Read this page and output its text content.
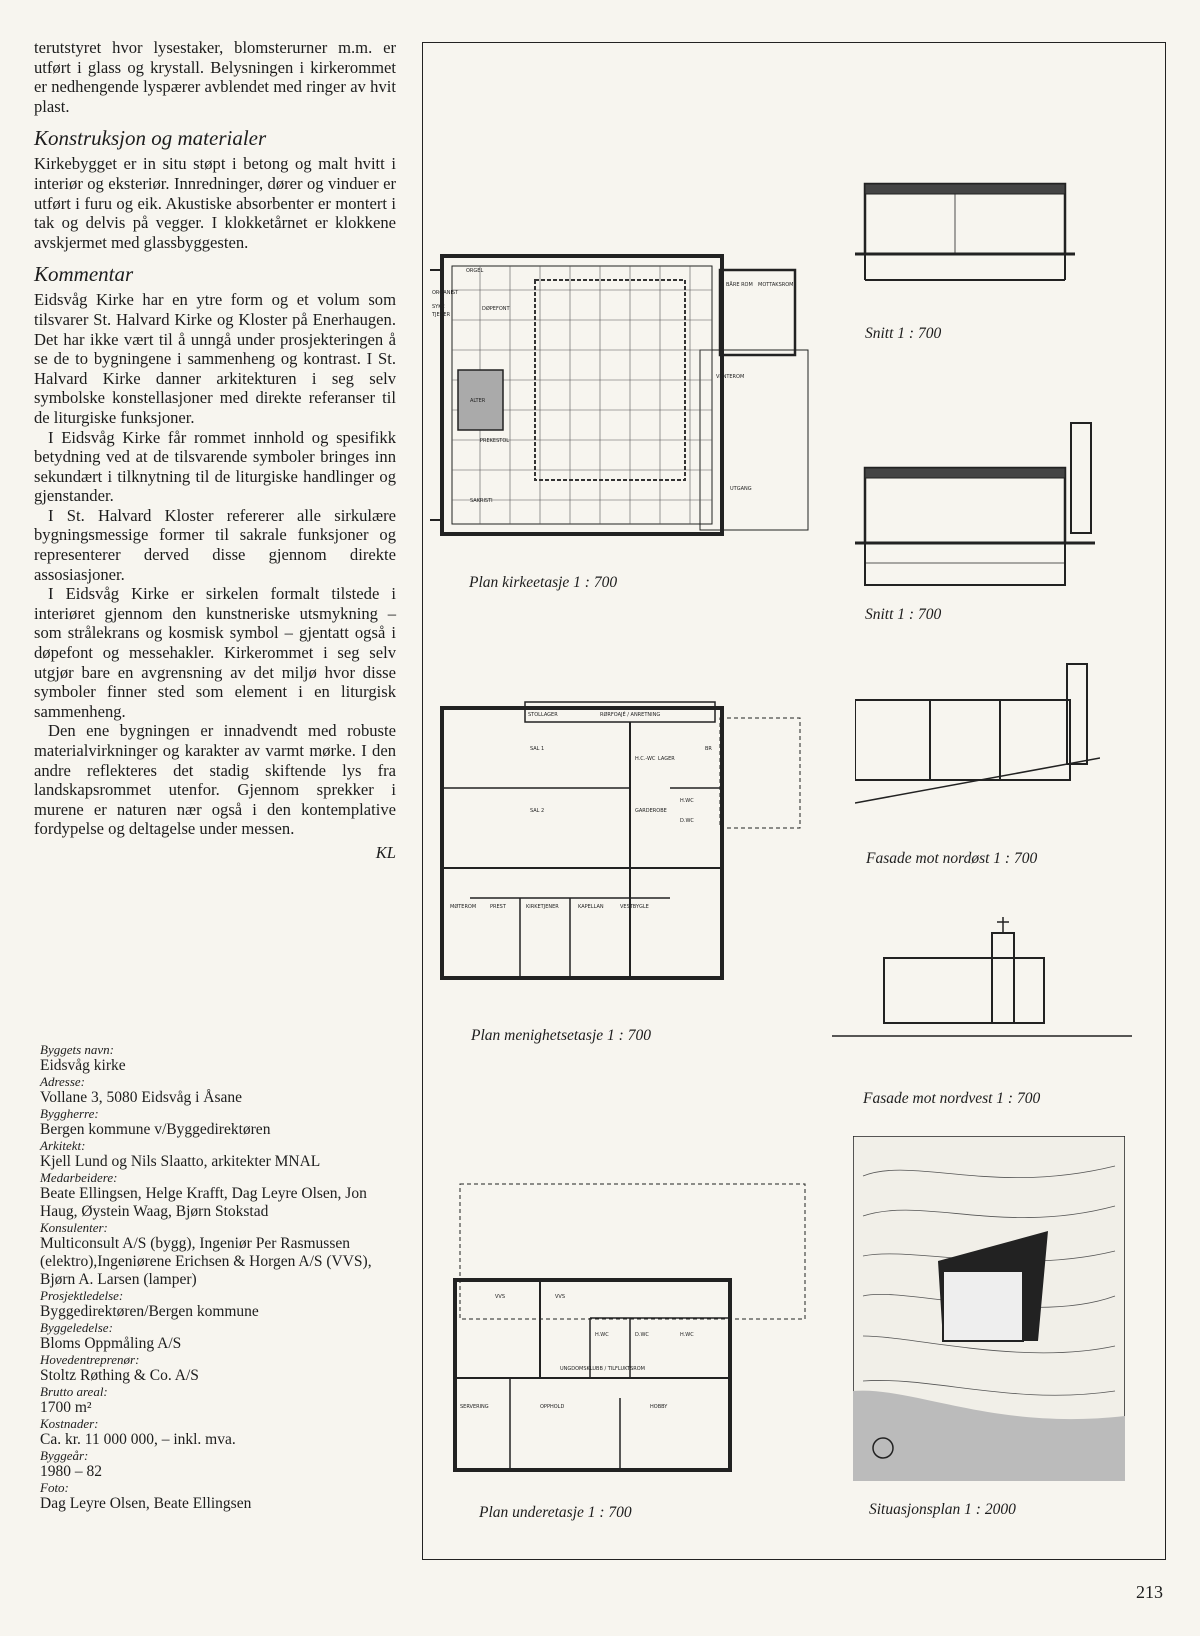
terutstyret hvor lysestaker, blomsterurner m.m. er utført i glass og krystall. Belysningen i kirkerommet er nedhengende lyspærer avblendet med ringer av hvit plast.

Konstruksjon og materialer

Kirkebygget er in situ støpt i betong og malt hvitt i interiør og eksteriør. Innredninger, dører og vinduer er utført i furu og eik. Akustiske absorbenter er montert i tak og delvis på vegger. I klokketårnet er klokkene avskjermet med glassbyggesten.

Kommentar

Eidsvåg Kirke har en ytre form og et volum som tilsvarer St. Halvard Kirke og Kloster på Enerhaugen. Det har ikke vært til å unngå under prosjekteringen å se de to bygningene i sammenheng og kontrast. I St. Halvard Kirke danner arkitekturen i seg selv symbolske konstellasjoner med direkte referanser til de liturgiske funksjoner.

I Eidsvåg Kirke får rommet innhold og spesifikk betydning ved at de tilsvarende symboler bringes inn sekundært i tilknytning til de liturgiske handlinger og gjenstander.

I St. Halvard Kloster refererer alle sirkulære bygningsmessige former til sakrale funksjoner og representerer derved disse gjennom direkte assosiasjoner.

I Eidsvåg Kirke er sirkelen formalt tilstede i interiøret gjennom den kunstneriske utsmykning – som strålekrans og kosmisk symbol – gjentatt også i døpefont og messehakler. Kirkerommet i seg selv utgjør bare en avgrensning av det miljø hvor disse symboler finner sted som element i en liturgisk sammenheng.

Den ene bygningen er innadvendt med robuste materialvirkninger og karakter av varmt mørke. I den andre reflekteres det stadig skiftende lys fra landskapsrommet utenfor. Gjennom sprekker i murene er naturen nær også i den kontemplative fordypelse og deltagelse under messen.

KL
Byggets navn:
Eidsvåg kirke
Adresse:
Vollane 3, 5080 Eidsvåg i Åsane
Byggherre:
Bergen kommune v/Byggedirektøren
Arkitekt:
Kjell Lund og Nils Slaatto, arkitekter MNAL
Medarbeidere:
Beate Ellingsen, Helge Krafft, Dag Leyre Olsen, Jon Haug, Øystein Waag, Bjørn Stokstad
Konsulenter:
Multiconsult A/S (bygg), Ingeniør Per Rasmussen (elektro),Ingeniørene Erichsen & Horgen A/S (VVS), Bjørn A. Larsen (lamper)
Prosjektledelse:
Byggedirektøren/Bergen kommune
Byggeledelse:
Bloms Oppmåling A/S
Hovedentreprenør:
Stoltz Røthing & Co. A/S
Brutto areal:
1700 m²
Kostnader:
Ca. kr. 11 000 000, – inkl. mva.
Byggeår:
1980 – 82
Foto:
Dag Leyre Olsen, Beate Ellingsen
ORGEL
ORGANIST
SYKE
TJENER
DØPEFONT
ALTER
PREKESTOL
SAKRISTI
BÅRE ROM MOTTAKSROM
VENTEROM
UTGANG
Plan kirkeetasje 1 : 700
Snitt 1 : 700
Snitt 1 : 700
STOLLAGER	RØRFOAJÉ / ANRETNING
SAL 1
SAL 2
H.C.-WC LAGER
GARDEROBE
H.WC
D.WC
MØTEROM	PREST	KIRKETJENER	KAPELLAN	VESTBYGLE
BR
Plan menighetsetasje 1 : 700
Fasade mot nordøst 1 : 700
Fasade mot nordvest 1 : 700
VVS	VVS
H.WC	D.WC	H.WC
UNGDOMSKLUBB / TILFLUKTSROM
SERVERING	OPPHOLD	HOBBY
Plan underetasje 1 : 700	Situasjonsplan 1 : 2000
213
